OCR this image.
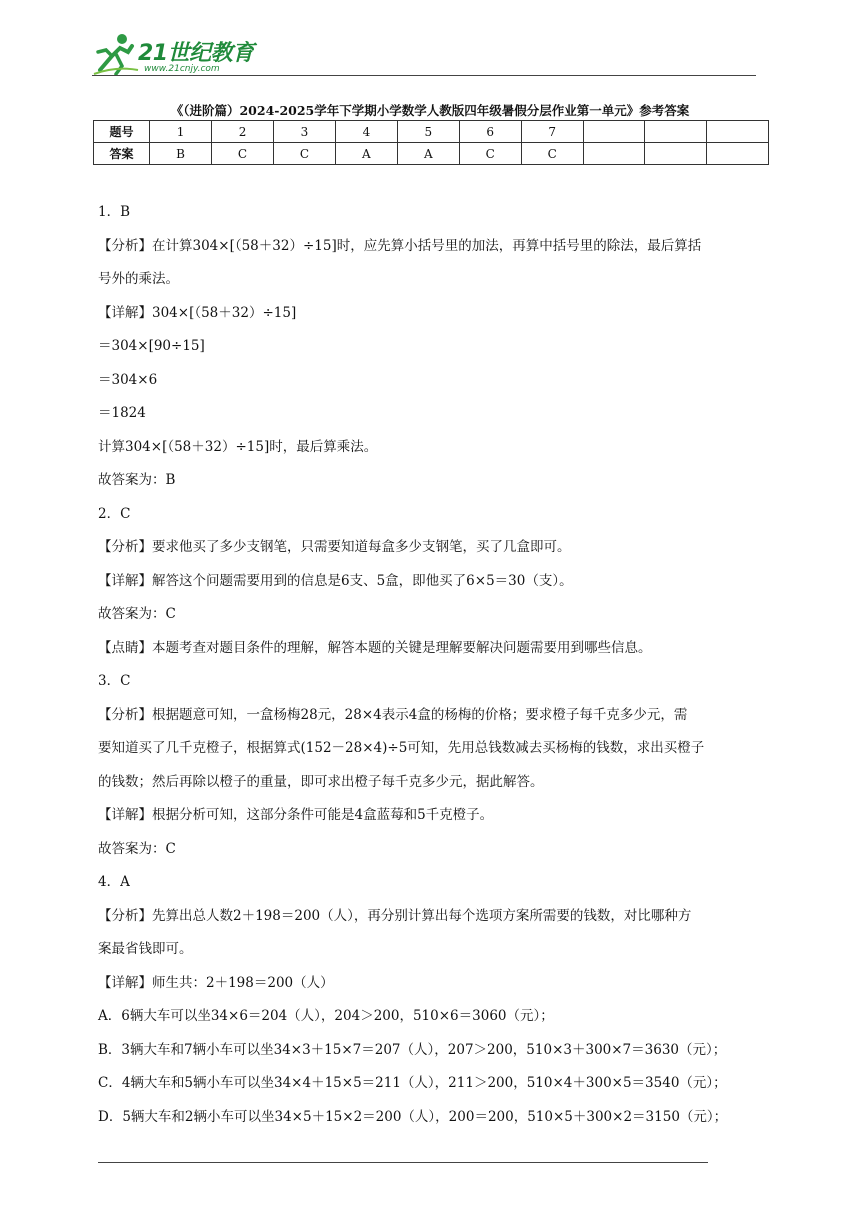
21世纪教育
www.21cnjy.com
《（进阶篇）2024-2025学年下学期小学数学人教版四年级暑假分层作业第一单元》参考答案
题号	1	2	3	4	5	6	7			
答案	B	C	C	A	A	C	C			

1．B

【分析】在计算304×[（58＋32）÷15]时，应先算小括号里的加法，再算中括号里的除法，最后算括

号外的乘法。

【详解】304×[（58＋32）÷15]

＝304×[90÷15]

＝304×6

＝1824

计算304×[（58＋32）÷15]时，最后算乘法。

故答案为：B

2．C

【分析】要求他买了多少支钢笔，只需要知道每盒多少支钢笔，买了几盒即可。

【详解】解答这个问题需要用到的信息是6支、5盒，即他买了6×5＝30（支）。

故答案为：C

【点睛】本题考查对题目条件的理解，解答本题的关键是理解要解决问题需要用到哪些信息。

3．C

【分析】根据题意可知，一盒杨梅28元，28×4表示4盒的杨梅的价格；要求橙子每千克多少元，需

要知道买了几千克橙子，根据算式(152－28×4)÷5可知，先用总钱数减去买杨梅的钱数，求出买橙子

的钱数；然后再除以橙子的重量，即可求出橙子每千克多少元，据此解答。

【详解】根据分析可知，这部分条件可能是4盒蓝莓和5千克橙子。

故答案为：C

4．A

【分析】先算出总人数2＋198＝200（人），再分别计算出每个选项方案所需要的钱数，对比哪种方

案最省钱即可。

【详解】师生共：2＋198＝200（人）

A．6辆大车可以坐34×6＝204（人），204＞200，510×6＝3060（元）；

B．3辆大车和7辆小车可以坐34×3＋15×7＝207（人），207＞200，510×3＋300×7＝3630（元）；

C．4辆大车和5辆小车可以坐34×4＋15×5＝211（人），211＞200，510×4＋300×5＝3540（元）；

D．5辆大车和2辆小车可以坐34×5＋15×2＝200（人），200＝200，510×5＋300×2＝3150（元）；
